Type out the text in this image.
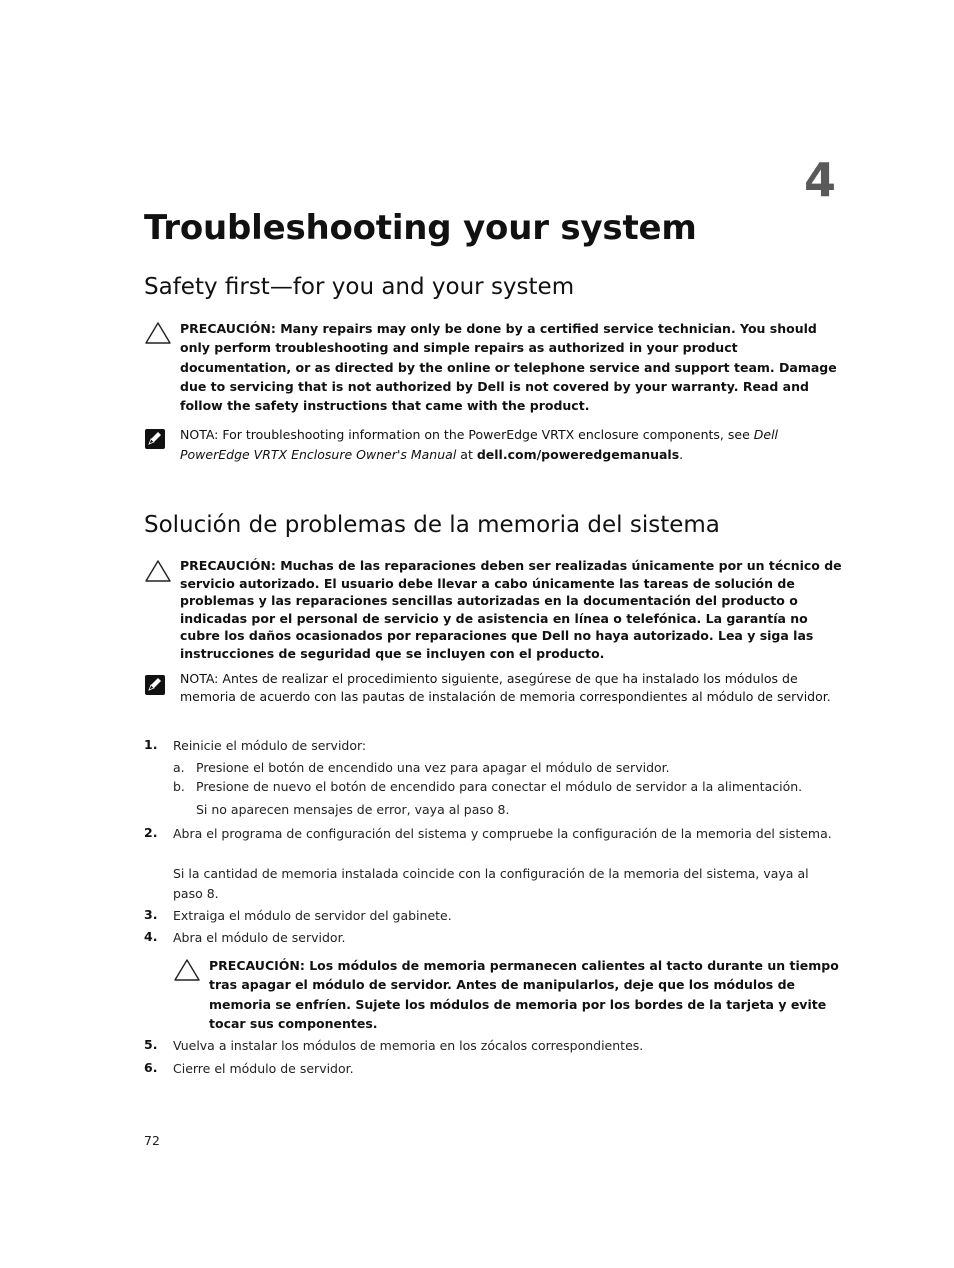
4
Troubleshooting your system
Safety first—for you and your system
PRECAUCIÓN: Many repairs may only be done by a certified service technician. You should only perform troubleshooting and simple repairs as authorized in your product documentation, or as directed by the online or telephone service and support team. Damage due to servicing that is not authorized by Dell is not covered by your warranty. Read and follow the safety instructions that came with the product.
NOTA: For troubleshooting information on the PowerEdge VRTX enclosure components, see Dell PowerEdge VRTX Enclosure Owner's Manual at dell.com/poweredgemanuals.
Solución de problemas de la memoria del sistema
PRECAUCIÓN: Muchas de las reparaciones deben ser realizadas únicamente por un técnico de servicio autorizado. El usuario debe llevar a cabo únicamente las tareas de solución de problemas y las reparaciones sencillas autorizadas en la documentación del producto o indicadas por el personal de servicio y de asistencia en línea o telefónica. La garantía no cubre los daños ocasionados por reparaciones que Dell no haya autorizado. Lea y siga las instrucciones de seguridad que se incluyen con el producto.
NOTA: Antes de realizar el procedimiento siguiente, asegúrese de que ha instalado los módulos de memoria de acuerdo con las pautas de instalación de memoria correspondientes al módulo de servidor.
1. Reinicie el módulo de servidor:
a. Presione el botón de encendido una vez para apagar el módulo de servidor.
b. Presione de nuevo el botón de encendido para conectar el módulo de servidor a la alimentación.
Si no aparecen mensajes de error, vaya al paso 8.
2. Abra el programa de configuración del sistema y compruebe la configuración de la memoria del sistema.
Si la cantidad de memoria instalada coincide con la configuración de la memoria del sistema, vaya al paso 8.
3. Extraiga el módulo de servidor del gabinete.
4. Abra el módulo de servidor.
PRECAUCIÓN: Los módulos de memoria permanecen calientes al tacto durante un tiempo tras apagar el módulo de servidor. Antes de manipularlos, deje que los módulos de memoria se enfríen. Sujete los módulos de memoria por los bordes de la tarjeta y evite tocar sus componentes.
5. Vuelva a instalar los módulos de memoria en los zócalos correspondientes.
6. Cierre el módulo de servidor.
72
